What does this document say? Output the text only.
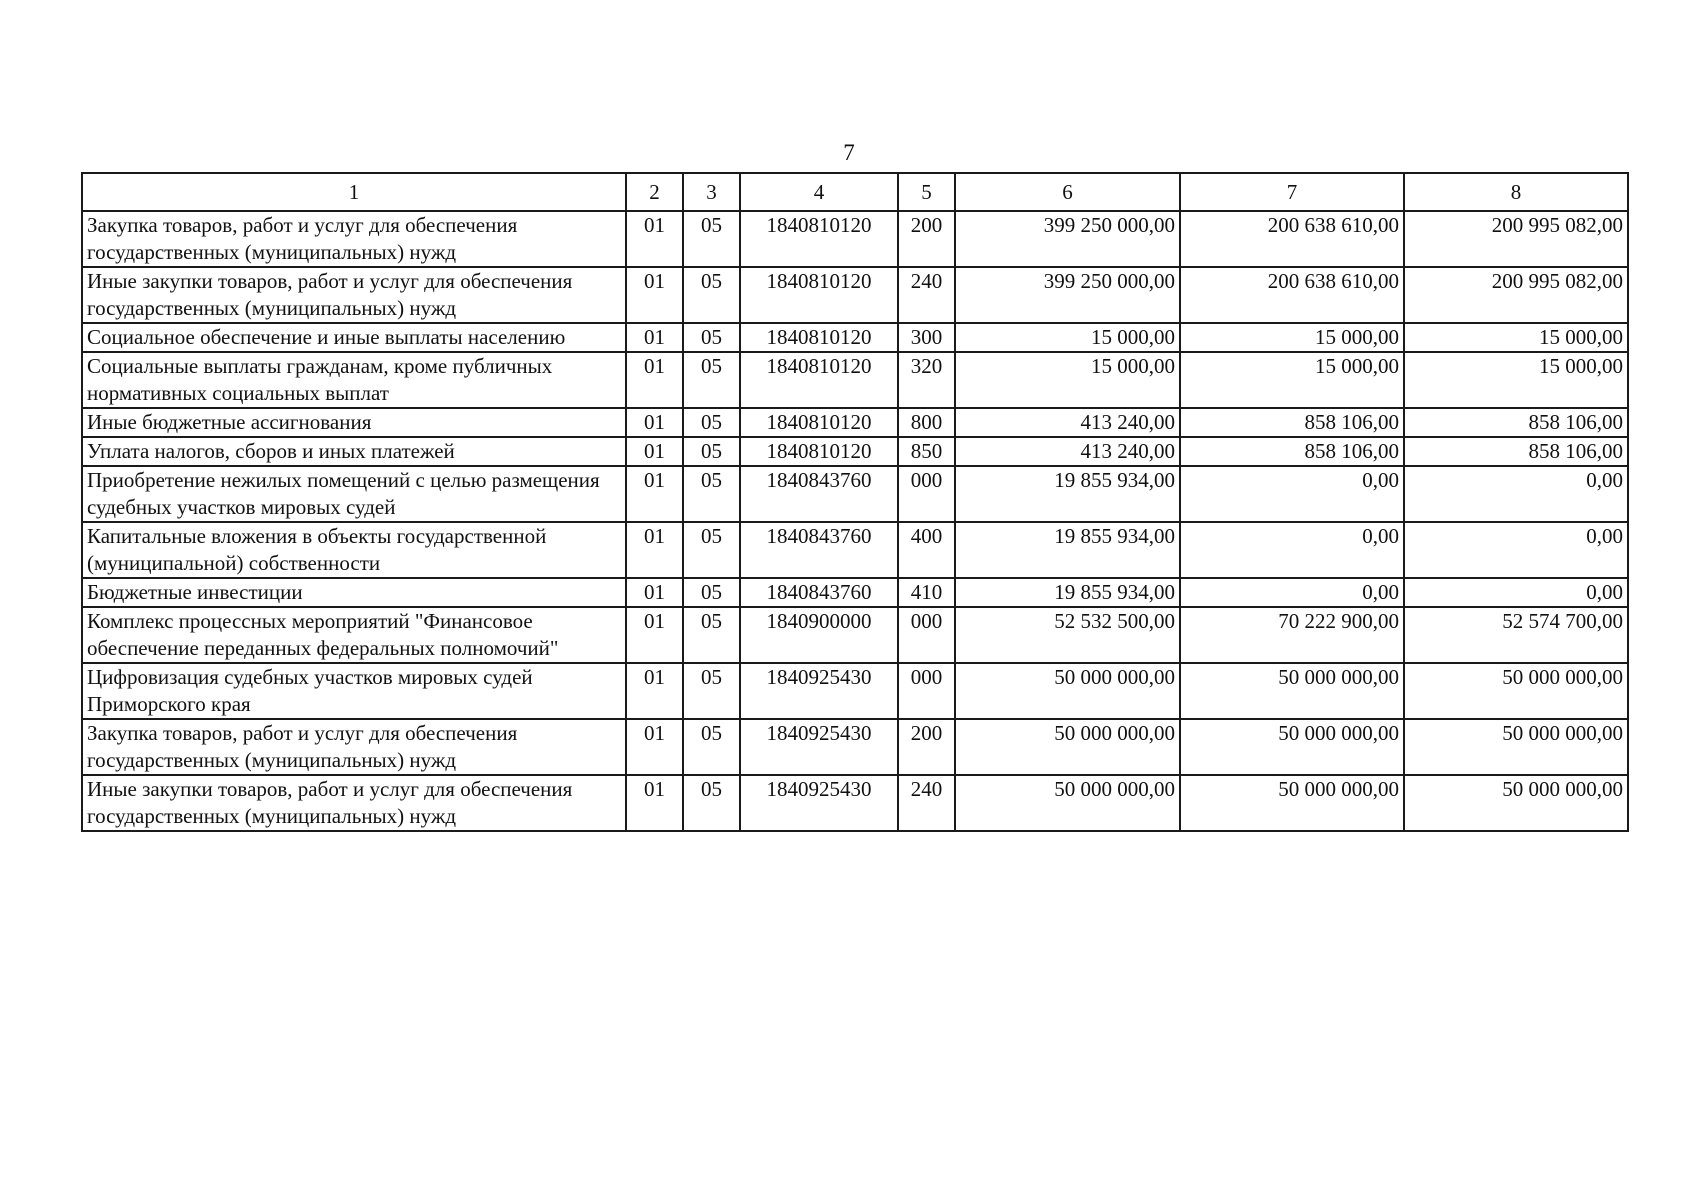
7
1	2	3	4	5	6	7	8
Закупка товаров, работ и услуг для обеспечения государственных (муниципальных) нужд	01	05	1840810120	200	399 250 000,00	200 638 610,00	200 995 082,00
Иные закупки товаров, работ и услуг для обеспечения государственных (муниципальных) нужд	01	05	1840810120	240	399 250 000,00	200 638 610,00	200 995 082,00
Социальное обеспечение и иные выплаты населению	01	05	1840810120	300	15 000,00	15 000,00	15 000,00
Социальные выплаты гражданам, кроме публичных нормативных социальных выплат	01	05	1840810120	320	15 000,00	15 000,00	15 000,00
Иные бюджетные ассигнования	01	05	1840810120	800	413 240,00	858 106,00	858 106,00
Уплата налогов, сборов и иных платежей	01	05	1840810120	850	413 240,00	858 106,00	858 106,00
Приобретение нежилых помещений с целью размещения судебных участков мировых судей	01	05	1840843760	000	19 855 934,00	0,00	0,00
Капитальные вложения в объекты государственной (муниципальной) собственности	01	05	1840843760	400	19 855 934,00	0,00	0,00
Бюджетные инвестиции	01	05	1840843760	410	19 855 934,00	0,00	0,00
Комплекс процессных мероприятий "Финансовое обеспечение переданных федеральных полномочий"	01	05	1840900000	000	52 532 500,00	70 222 900,00	52 574 700,00
Цифровизация судебных участков мировых судей Приморского края	01	05	1840925430	000	50 000 000,00	50 000 000,00	50 000 000,00
Закупка товаров, работ и услуг для обеспечения государственных (муниципальных) нужд	01	05	1840925430	200	50 000 000,00	50 000 000,00	50 000 000,00
Иные закупки товаров, работ и услуг для обеспечения государственных (муниципальных) нужд	01	05	1840925430	240	50 000 000,00	50 000 000,00	50 000 000,00
